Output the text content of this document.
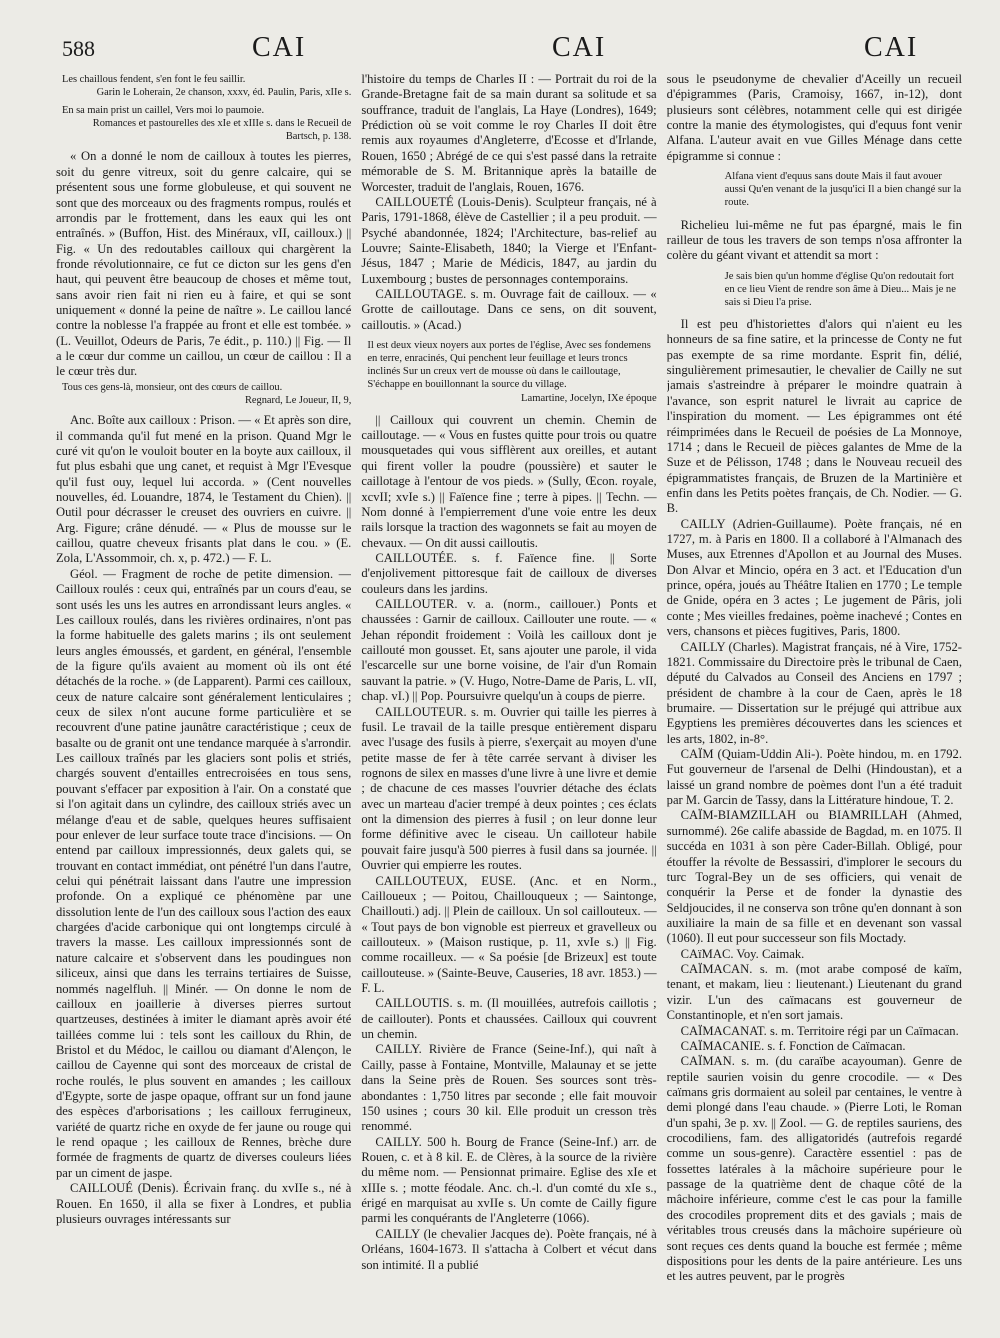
588	CAI	CAI	CAI

Les chaillous fendent, s'en font le feu saillir.
Garin le Loherain, 2e chanson, xxxv, éd. Paulin, Paris, xIIe s.

En sa main prist un caillel, Vers moi lo paumoie.
Romances et pastourelles des xIe et xIIIe s. dans le Recueil de Bartsch, p. 138.

« On a donné le nom de cailloux à toutes les pierres, soit du genre vitreux, soit du genre calcaire, qui se présentent sous une forme globuleuse, et qui souvent ne sont que des morceaux ou des fragments rompus, roulés et arrondis par le frottement, dans les eaux qui les ont entraînés. » (Buffon, Hist. des Minéraux, vII, cailloux.) || Fig. « Un des redoutables cailloux qui chargèrent la fronde révolutionnaire, ce fut ce dicton sur les gens d'en haut, qui peuvent être beaucoup de choses et même tout, sans avoir rien fait ni rien eu à faire, et qui se sont uniquement « donné la peine de naître ». Le caillou lancé contre la noblesse l'a frappée au front et elle est tombée. » (L. Veuillot, Odeurs de Paris, 7e édit., p. 110.) || Fig. — Il a le cœur dur comme un caillou, un cœur de caillou : Il a le cœur très dur.

Tous ces gens-là, monsieur, ont des cœurs de caillou.
Regnard, Le Joueur, II, 9,

Anc. Boîte aux cailloux : Prison. — « Et après son dire, il commanda qu'il fut mené en la prison. Quand Mgr le curé vit qu'on le vouloit bouter en la boyte aux cailloux, il fut plus esbahi que ung canet, et requist à Mgr l'Evesque qu'il fust ouy, lequel lui accorda. » (Cent nouvelles nouvelles, éd. Louandre, 1874, le Testament du Chien). || Outil pour décrasser le creuset des ouvriers en cuivre. || Arg. Figure; crâne dénudé. — « Plus de mousse sur le caillou, quatre cheveux frisants plat dans le cou. » (E. Zola, L'Assommoir, ch. x, p. 472.) — F. L.

Géol. — Fragment de roche de petite dimension. — Cailloux roulés : ceux qui, entraînés par un cours d'eau, se sont usés les uns les autres en arrondissant leurs angles. « Les cailloux roulés, dans les rivières ordinaires, n'ont pas la forme habituelle des galets marins ; ils ont seulement leurs angles émoussés, et gardent, en général, l'ensemble de la figure qu'ils avaient au moment où ils ont été détachés de la roche. » (de Lapparent). Parmi ces cailloux, ceux de nature calcaire sont généralement lenticulaires ; ceux de silex n'ont aucune forme particulière et se recouvrent d'une patine jaunâtre caractéristique ; ceux de basalte ou de granit ont une tendance marquée à s'arrondir. Les cailloux traînés par les glaciers sont polis et striés, chargés souvent d'entailles entrecroisées en tous sens, pouvant s'effacer par exposition à l'air. On a constaté que si l'on agitait dans un cylindre, des cailloux striés avec un mélange d'eau et de sable, quelques heures suffisaient pour enlever de leur surface toute trace d'incisions. — On entend par cailloux impressionnés, deux galets qui, se trouvant en contact immédiat, ont pénétré l'un dans l'autre, celui qui pénétrait laissant dans l'autre une impression profonde. On a expliqué ce phénomène par une dissolution lente de l'un des cailloux sous l'action des eaux chargées d'acide carbonique qui ont longtemps circulé à travers la masse. Les cailloux impressionnés sont de nature calcaire et s'observent dans les poudingues non siliceux, ainsi que dans les terrains tertiaires de Suisse, nommés nagelfluh. || Minér. — On donne le nom de cailloux en joaillerie à diverses pierres surtout quartzeuses, destinées à imiter le diamant après avoir été taillées comme lui : tels sont les cailloux du Rhin, de Bristol et du Médoc, le caillou ou diamant d'Alençon, le caillou de Cayenne qui sont des morceaux de cristal de roche roulés, le plus souvent en amandes ; les cailloux d'Egypte, sorte de jaspe opaque, offrant sur un fond jaune des espèces d'arborisations ; les cailloux ferrugineux, variété de quartz riche en oxyde de fer jaune ou rouge qui le rend opaque ; les cailloux de Rennes, brèche dure formée de fragments de quartz de diverses couleurs liées par un ciment de jaspe.

CAILLOUÉ (Denis). Écrivain franç. du xvIIe s., né à Rouen. En 1650, il alla se fixer à Londres, et publia plusieurs ouvrages intéressants sur

l'histoire du temps de Charles II : — Portrait du roi de la Grande-Bretagne fait de sa main durant sa solitude et sa souffrance, traduit de l'anglais, La Haye (Londres), 1649; Prédiction où se voit comme le roy Charles II doit être remis aux royaumes d'Angleterre, d'Ecosse et d'Irlande, Rouen, 1650 ; Abrégé de ce qui s'est passé dans la retraite mémorable de S. M. Britannique après la bataille de Worcester, traduit de l'anglais, Rouen, 1676.

CAILLOUETÉ (Louis-Denis). Sculpteur français, né à Paris, 1791-1868, élève de Castellier ; il a peu produit. — Psyché abandonnée, 1824; l'Architecture, bas-relief au Louvre; Sainte-Elisabeth, 1840; la Vierge et l'Enfant-Jésus, 1847 ; Marie de Médicis, 1847, au jardin du Luxembourg ; bustes de personnages contemporains.

CAILLOUTAGE. s. m. Ouvrage fait de cailloux. — « Grotte de cailloutage. Dans ce sens, on dit souvent, cailloutis. » (Acad.)

Il est deux vieux noyers aux portes de l'église, Avec ses fondemens en terre, enracinés, Qui penchent leur feuillage et leurs troncs inclinés Sur un creux vert de mousse où dans le cailloutage, S'échappe en bouillonnant la source du village.

Lamartine, Jocelyn, IXe époque

|| Cailloux qui couvrent un chemin. Chemin de cailloutage. — « Vous en fustes quitte pour trois ou quatre mousquetades qui vous sifflèrent aux oreilles, et autant qui firent voller la poudre (poussière) et sauter le caillotage à l'entour de vos pieds. » (Sully, Œcon. royale, xcvII; xvIe s.) || Faïence fine ; terre à pipes. || Techn. — Nom donné à l'empierrement d'une voie entre les deux rails lorsque la traction des wagonnets se fait au moyen de chevaux. — On dit aussi cailloutis.

CAILLOUTÉE. s. f. Faïence fine. || Sorte d'enjolivement pittoresque fait de cailloux de diverses couleurs dans les jardins.

CAILLOUTER. v. a. (norm., caillouer.) Ponts et chaussées : Garnir de cailloux. Caillouter une route. — « Jehan répondit froidement : Voilà les cailloux dont je caillouté mon gousset. Et, sans ajouter une parole, il vida l'escarcelle sur une borne voisine, de l'air d'un Romain sauvant la patrie. » (V. Hugo, Notre-Dame de Paris, L. vII, chap. vI.) || Pop. Poursuivre quelqu'un à coups de pierre.

CAILLOUTEUR. s. m. Ouvrier qui taille les pierres à fusil. Le travail de la taille presque entièrement disparu avec l'usage des fusils à pierre, s'exerçait au moyen d'une petite masse de fer à tête carrée servant à diviser les rognons de silex en masses d'une livre à une livre et demie ; de chacune de ces masses l'ouvrier détache des éclats avec un marteau d'acier trempé à deux pointes ; ces éclats ont la dimension des pierres à fusil ; on leur donne leur forme définitive avec le ciseau. Un cailloteur habile pouvait faire jusqu'à 500 pierres à fusil dans sa journée. || Ouvrier qui empierre les routes.

CAILLOUTEUX, EUSE. (Anc. et en Norm., Cailloueux ; — Poitou, Chaillouqueux ; — Saintonge, Chaillouti.) adj. || Plein de cailloux. Un sol caillouteux. — « Tout pays de bon vignoble est pierreux et gravelleux ou caillouteux. » (Maison rustique, p. 11, xvIe s.) || Fig. comme rocailleux. — « Sa poésie [de Brizeux] est toute caillouteuse. » (Sainte-Beuve, Causeries, 18 avr. 1853.) — F. L.

CAILLOUTIS. s. m. (Il mouillées, autrefois caillotis ; de caillouter). Ponts et chaussées. Cailloux qui couvrent un chemin.

CAILLY. Rivière de France (Seine-Inf.), qui naît à Cailly, passe à Fontaine, Montville, Malaunay et se jette dans la Seine près de Rouen. Ses sources sont très-abondantes : 1,750 litres par seconde ; elle fait mouvoir 150 usines ; cours 30 kil. Elle produit un cresson très renommé.

CAILLY. 500 h. Bourg de France (Seine-Inf.) arr. de Rouen, c. et à 8 kil. E. de Clères, à la source de la rivière du même nom. — Pensionnat primaire. Eglise des xIe et xIIIe s. ; motte féodale. Anc. ch.-l. d'un comté du xIe s., érigé en marquisat au xvIIe s. Un comte de Cailly figure parmi les conquérants de l'Angleterre (1066).

CAILLY (le chevalier Jacques de). Poète français, né à Orléans, 1604-1673. Il s'attacha à Colbert et vécut dans son intimité. Il a publié

sous le pseudonyme de chevalier d'Aceilly un recueil d'épigrammes (Paris, Cramoisy, 1667, in-12), dont plusieurs sont célèbres, notamment celle qui est dirigée contre la manie des étymologistes, qui d'equus font venir Alfana. L'auteur avait en vue Gilles Ménage dans cette épigramme si connue :

Alfana vient d'equus sans doute Mais il faut avouer aussi Qu'en venant de la jusqu'ici Il a bien changé sur la route.

Richelieu lui-même ne fut pas épargné, mais le fin railleur de tous les travers de son temps n'osa affronter la colère du géant vivant et attendit sa mort :

Je sais bien qu'un homme d'église Qu'on redoutait fort en ce lieu Vient de rendre son âme à Dieu... Mais je ne sais si Dieu l'a prise.

Il est peu d'historiettes d'alors qui n'aient eu les honneurs de sa fine satire, et la princesse de Conty ne fut pas exempte de sa rime mordante. Esprit fin, délié, singulièrement primesautier, le chevalier de Cailly ne sut jamais s'astreindre à préparer le moindre quatrain à l'avance, son esprit naturel le livrait au caprice de l'inspiration du moment. — Les épigrammes ont été réimprimées dans le Recueil de poésies de La Monnoye, 1714 ; dans le Recueil de pièces galantes de Mme de la Suze et de Pélisson, 1748 ; dans le Nouveau recueil des épigrammatistes français, de Bruzen de la Martinière et enfin dans les Petits poètes français, de Ch. Nodier. — G. B.

CAILLY (Adrien-Guillaume). Poète français, né en 1727, m. à Paris en 1800. Il a collaboré à l'Almanach des Muses, aux Etrennes d'Apollon et au Journal des Muses. Don Alvar et Mincio, opéra en 3 act. et l'Education d'un prince, opéra, joués au Théâtre Italien en 1770 ; Le temple de Gnide, opéra en 3 actes ; Le jugement de Pâris, joli conte ; Mes vieilles fredaines, poème inachevé ; Contes en vers, chansons et pièces fugitives, Paris, 1800.

CAILLY (Charles). Magistrat français, né à Vire, 1752-1821. Commissaire du Directoire près le tribunal de Caen, député du Calvados au Conseil des Anciens en 1797 ; président de chambre à la cour de Caen, après le 18 brumaire. — Dissertation sur le préjugé qui attribue aux Egyptiens les premières découvertes dans les sciences et les arts, 1802, in-8°.

CAÏM (Quiam-Uddin Ali-). Poète hindou, m. en 1792. Fut gouverneur de l'arsenal de Delhi (Hindoustan), et a laissé un grand nombre de poèmes dont l'un a été traduit par M. Garcin de Tassy, dans la Littérature hindoue, T. 2.

CAÏM-BIAMZILLAH ou BIAMRILLAH (Ahmed, surnommé). 26e calife abasside de Bagdad, m. en 1075. Il succéda en 1031 à son père Cader-Billah. Obligé, pour étouffer la révolte de Bessassiri, d'implorer le secours du turc Togral-Bey un de ses officiers, qui venait de conquérir la Perse et de fonder la dynastie des Seldjoucides, il ne conserva son trône qu'en donnant à son auxiliaire la main de sa fille et en devenant son vassal (1060). Il eut pour successeur son fils Moctady.

CAïMAC. Voy. Caimak.

CAÏMACAN. s. m. (mot arabe composé de kaïm, tenant, et makam, lieu : lieutenant.) Lieutenant du grand vizir. L'un des caïmacans est gouverneur de Constantinople, et n'en sort jamais.

CAÏMACANAT. s. m. Territoire régi par un Caïmacan.

CAÏMACANIE. s. f. Fonction de Caïmacan.

CAÏMAN. s. m. (du caraïbe acayouman). Genre de reptile saurien voisin du genre crocodile. — « Des caïmans gris dormaient au soleil par centaines, le ventre à demi plongé dans l'eau chaude. » (Pierre Loti, le Roman d'un spahi, 3e p. xv. || Zool. — G. de reptiles sauriens, des crocodiliens, fam. des alligatoridés (autrefois regardé comme un sous-genre). Caractère essentiel : pas de fossettes latérales à la mâchoire supérieure pour le passage de la quatrième dent de chaque côté de la mâchoire inférieure, comme c'est le cas pour la famille des crocodiles proprement dits et des gavials ; mais de véritables trous creusés dans la mâchoire supérieure où sont reçues ces dents quand la bouche est fermée ; même dispositions pour les dents de la paire antérieure. Les uns et les autres peuvent, par le progrès
